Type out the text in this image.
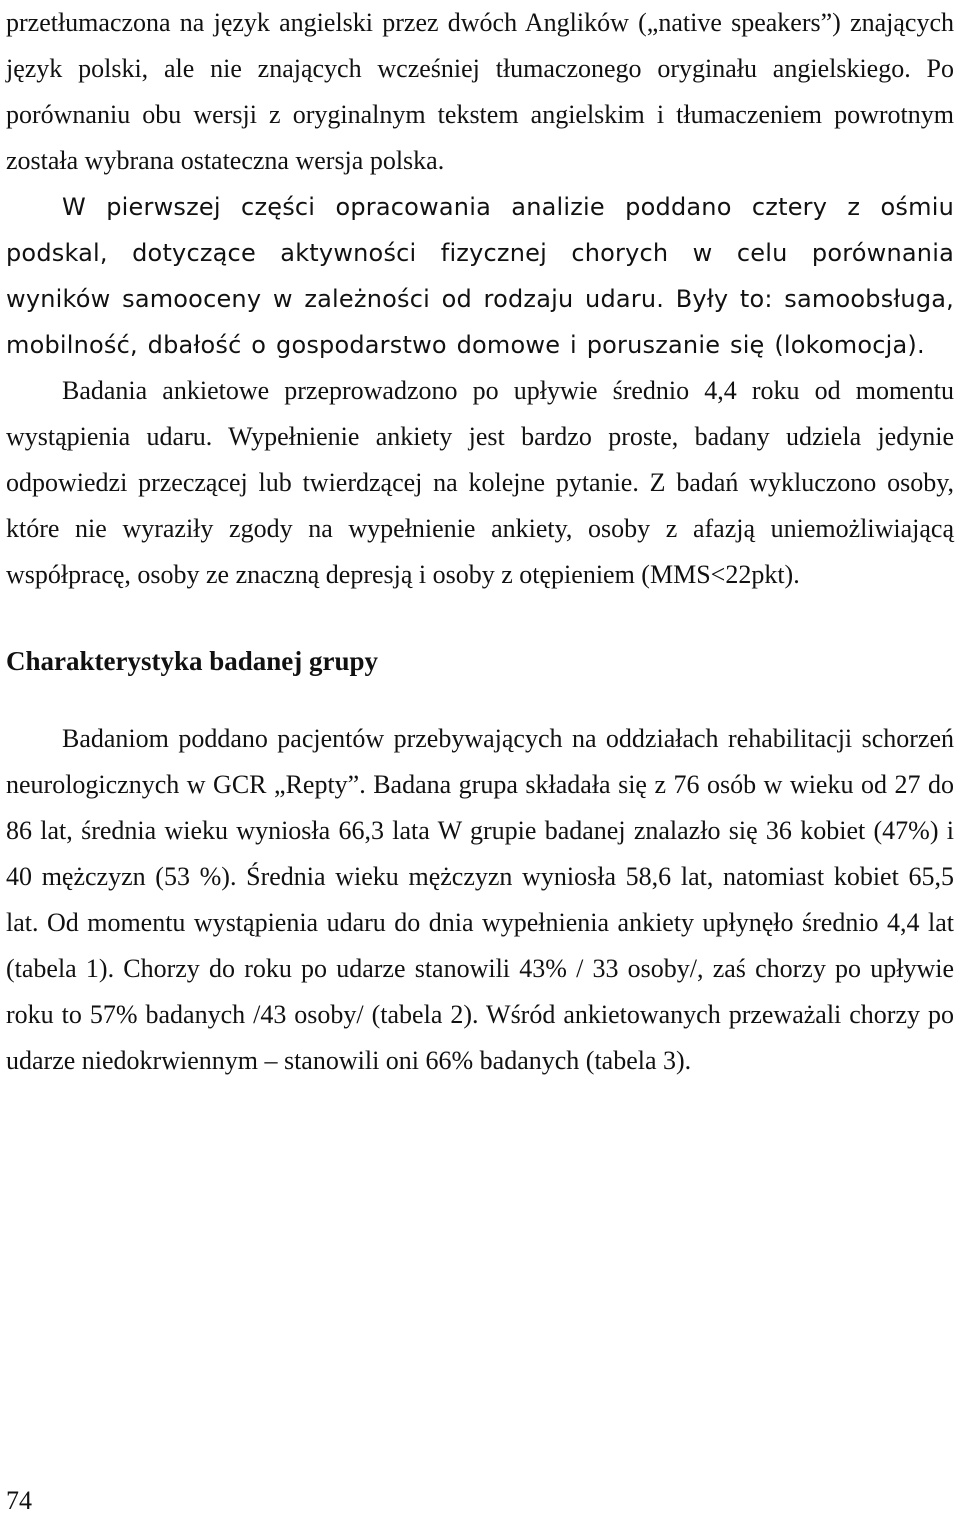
przetłumaczona na język angielski przez dwóch Anglików („native speakers”) znających język polski, ale nie znających wcześniej tłumaczonego oryginału angielskiego. Po porównaniu obu wersji z oryginalnym tekstem angielskim i tłumaczeniem powrotnym została wybrana ostateczna wersja polska.

W pierwszej części opracowania analizie poddano cztery z ośmiu podskal, dotyczące aktywności fizycznej chorych w celu porównania wyników samooceny w zależności od rodzaju udaru. Były to: samoobsługa, mobilność, dbałość o gospodarstwo domowe i poruszanie się (lokomocja).

Badania ankietowe przeprowadzono po upływie średnio 4,4 roku od momentu wystąpienia udaru. Wypełnienie ankiety jest bardzo proste, badany udziela jedynie odpowiedzi przeczącej lub twierdzącej na kolejne pytanie. Z badań wykluczono osoby, które nie wyraziły zgody na wypełnienie ankiety, osoby z afazją uniemożliwiającą współpracę, osoby ze znaczną depresją i osoby z otępieniem (MMS<22pkt).

Charakterystyka badanej grupy

Badaniom poddano pacjentów przebywających na oddziałach rehabilitacji schorzeń neurologicznych w GCR „Repty”. Badana grupa składała się z 76 osób w wieku od 27 do 86 lat, średnia wieku wyniosła 66,3 lata W grupie badanej znalazło się 36 kobiet (47%) i 40 mężczyzn (53 %). Średnia wieku mężczyzn wyniosła 58,6 lat, natomiast kobiet 65,5 lat. Od momentu wystąpienia udaru do dnia wypełnienia ankiety upłynęło średnio 4,4 lat (tabela 1). Chorzy do roku po udarze stanowili 43% / 33 osoby/, zaś chorzy po upływie roku to 57% badanych /43 osoby/ (tabela 2). Wśród ankietowanych przeważali chorzy po udarze niedokrwiennym – stanowili oni 66% badanych (tabela 3).

74
